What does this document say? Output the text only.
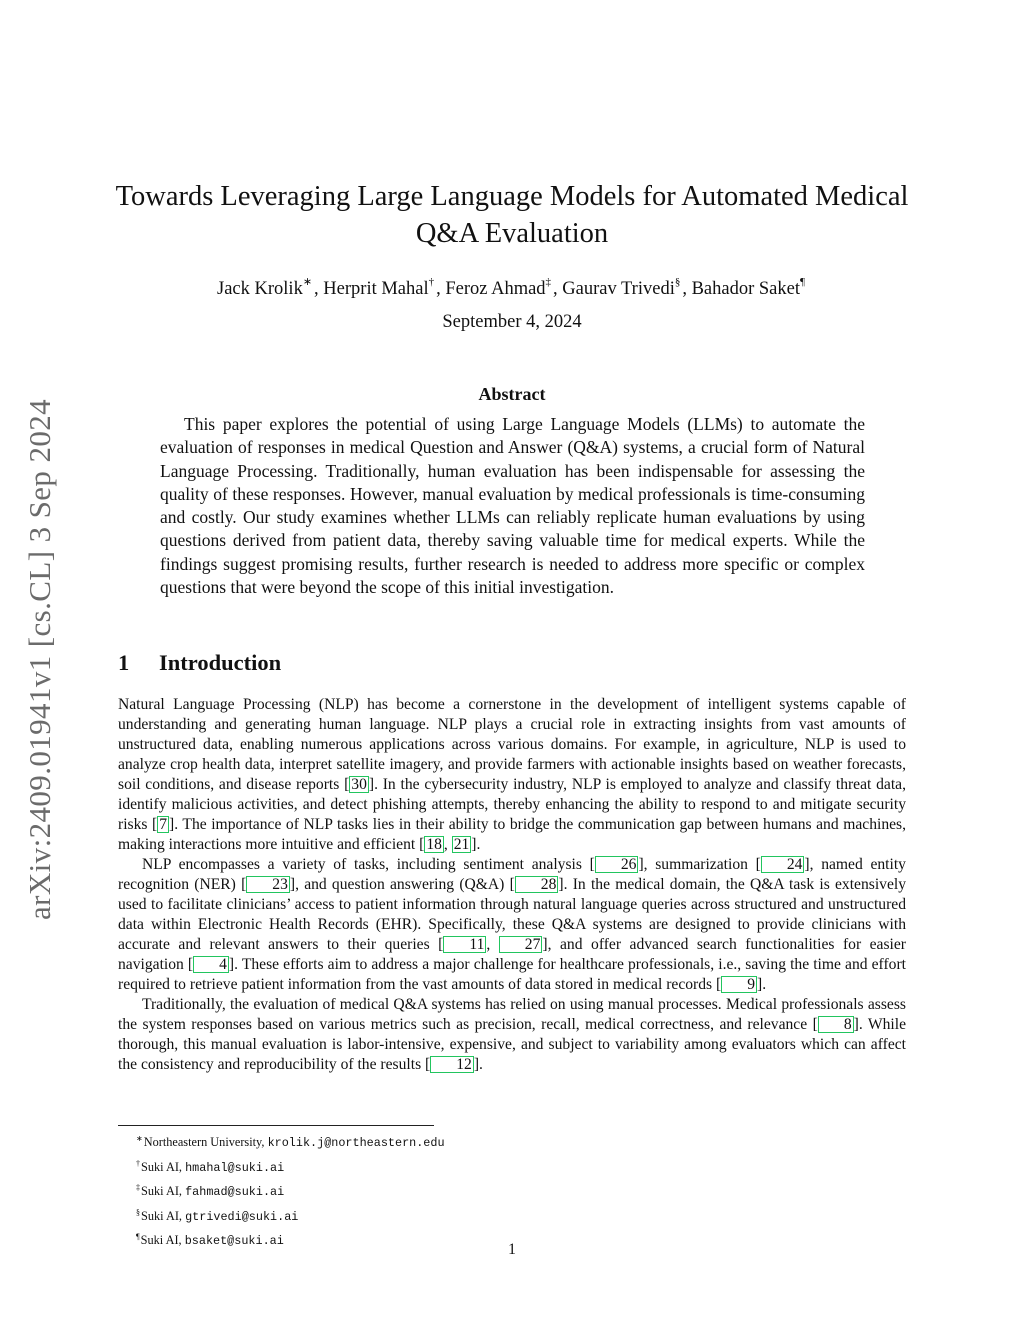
arXiv:2409.01941v1 [cs.CL] 3 Sep 2024
Towards Leveraging Large Language Models for Automated Medical
Q&A Evaluation
Jack Krolik∗ , Herprit Mahal† , Feroz Ahmad‡ , Gaurav Trivedi§ , Bahador Saket¶
September 4, 2024
Abstract

This paper explores the potential of using Large Language Models (LLMs) to automate the evaluation of responses in medical Question and Answer (Q&A) systems, a crucial form of Natural Language Processing. Traditionally, human evaluation has been indispensable for assessing the quality of these responses. However, manual evaluation by medical professionals is time-consuming and costly. Our study examines whether LLMs can reliably replicate human evaluations by using questions derived from patient data, thereby saving valuable time for medical experts. While the findings suggest promising results, further research is needed to address more specific or complex questions that were beyond the scope of this initial investigation.

1 Introduction

Natural Language Processing (NLP) has become a cornerstone in the development of intelligent systems capable of understanding and generating human language. NLP plays a crucial role in extracting insights from vast amounts of unstructured data, enabling numerous applications across various domains. For example, in agriculture, NLP is used to analyze crop health data, interpret satellite imagery, and provide farmers with actionable insights based on weather forecasts, soil conditions, and disease reports [ 30 ]. In the cybersecurity industry, NLP is employed to analyze and classify threat data, identify malicious activities, and detect phishing attempts, thereby enhancing the ability to respond to and mitigate security risks [ 7 ]. The importance of NLP tasks lies in their ability to bridge the communication gap between humans and machines, making interactions more intuitive and efficient [ 18 , 21 ].

NLP encompasses a variety of tasks, including sentiment analysis [ 26 ], summarization [ 24 ], named entity recognition (NER) [ 23 ], and question answering (Q&A) [ 28 ]. In the medical domain, the Q&A task is extensively used to facilitate clinicians’ access to patient information through natural language queries across structured and unstructured data within Electronic Health Records (EHR). Specifically, these Q&A systems are designed to provide clinicians with accurate and relevant answers to their queries [ 11 , 27 ], and offer advanced search functionalities for easier navigation [ 4 ]. These efforts aim to address a major challenge for healthcare professionals, i.e., saving the time and effort required to retrieve patient information from the vast amounts of data stored in medical records [ 9 ].

Traditionally, the evaluation of medical Q&A systems has relied on using manual processes. Medical professionals assess the system responses based on various metrics such as precision, recall, medical correctness, and relevance [ 8 ]. While thorough, this manual evaluation is labor-intensive, expensive, and subject to variability among evaluators which can affect the consistency and reproducibility of the results [ 12 ].

∗Northeastern University, krolik.j@northeastern.edu
†Suki AI, hmahal@suki.ai
‡Suki AI, fahmad@suki.ai
§Suki AI, gtrivedi@suki.ai
¶Suki AI, bsaket@suki.ai	1
